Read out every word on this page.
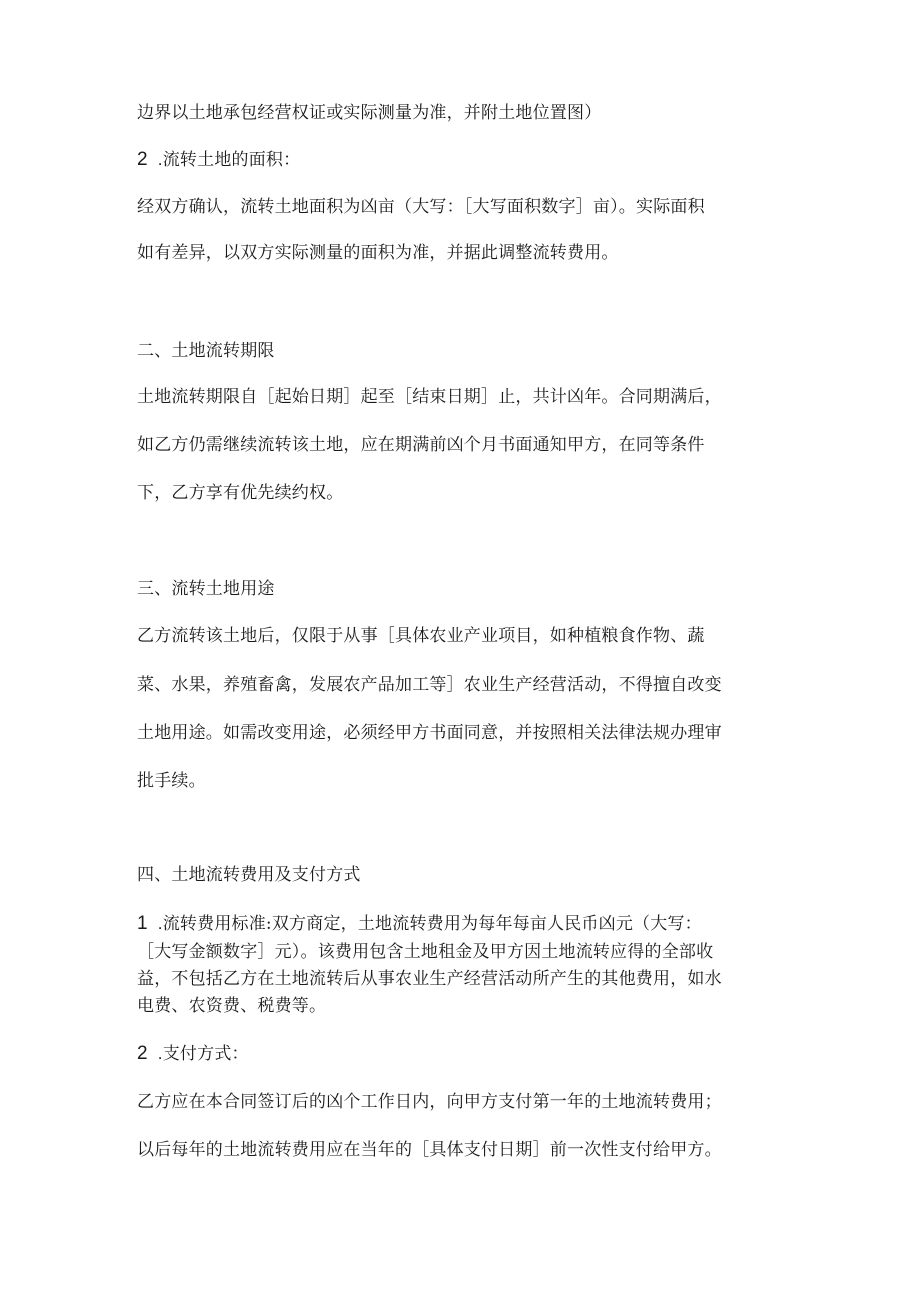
边界以土地承包经营权证或实际测量为准，并附土地位置图）
2 .流转土地的面积：
经双方确认，流转土地面积为凶亩（大写：［大写面积数字］亩）。实际面积
如有差异，以双方实际测量的面积为准，并据此调整流转费用。
二、土地流转期限
土地流转期限自［起始日期］起至［结束日期］止，共计凶年。合同期满后，
如乙方仍需继续流转该土地，应在期满前凶个月书面通知甲方，在同等条件
下，乙方享有优先续约权。
三、流转土地用途
乙方流转该土地后，仅限于从事［具体农业产业项目，如种植粮食作物、蔬
菜、水果，养殖畜禽，发展农产品加工等］农业生产经营活动，不得擅自改变
土地用途。如需改变用途，必须经甲方书面同意，并按照相关法律法规办理审
批手续。
四、土地流转费用及支付方式
1 .流转费用标准:双方商定，土地流转费用为每年每亩人民币凶元（大写：
［大写金额数字］元）。该费用包含土地租金及甲方因土地流转应得的全部收
益，不包括乙方在土地流转后从事农业生产经营活动所产生的其他费用，如水
电费、农资费、税费等。
2 .支付方式：
乙方应在本合同签订后的凶个工作日内，向甲方支付第一年的土地流转费用；
以后每年的土地流转费用应在当年的［具体支付日期］前一次性支付给甲方。
